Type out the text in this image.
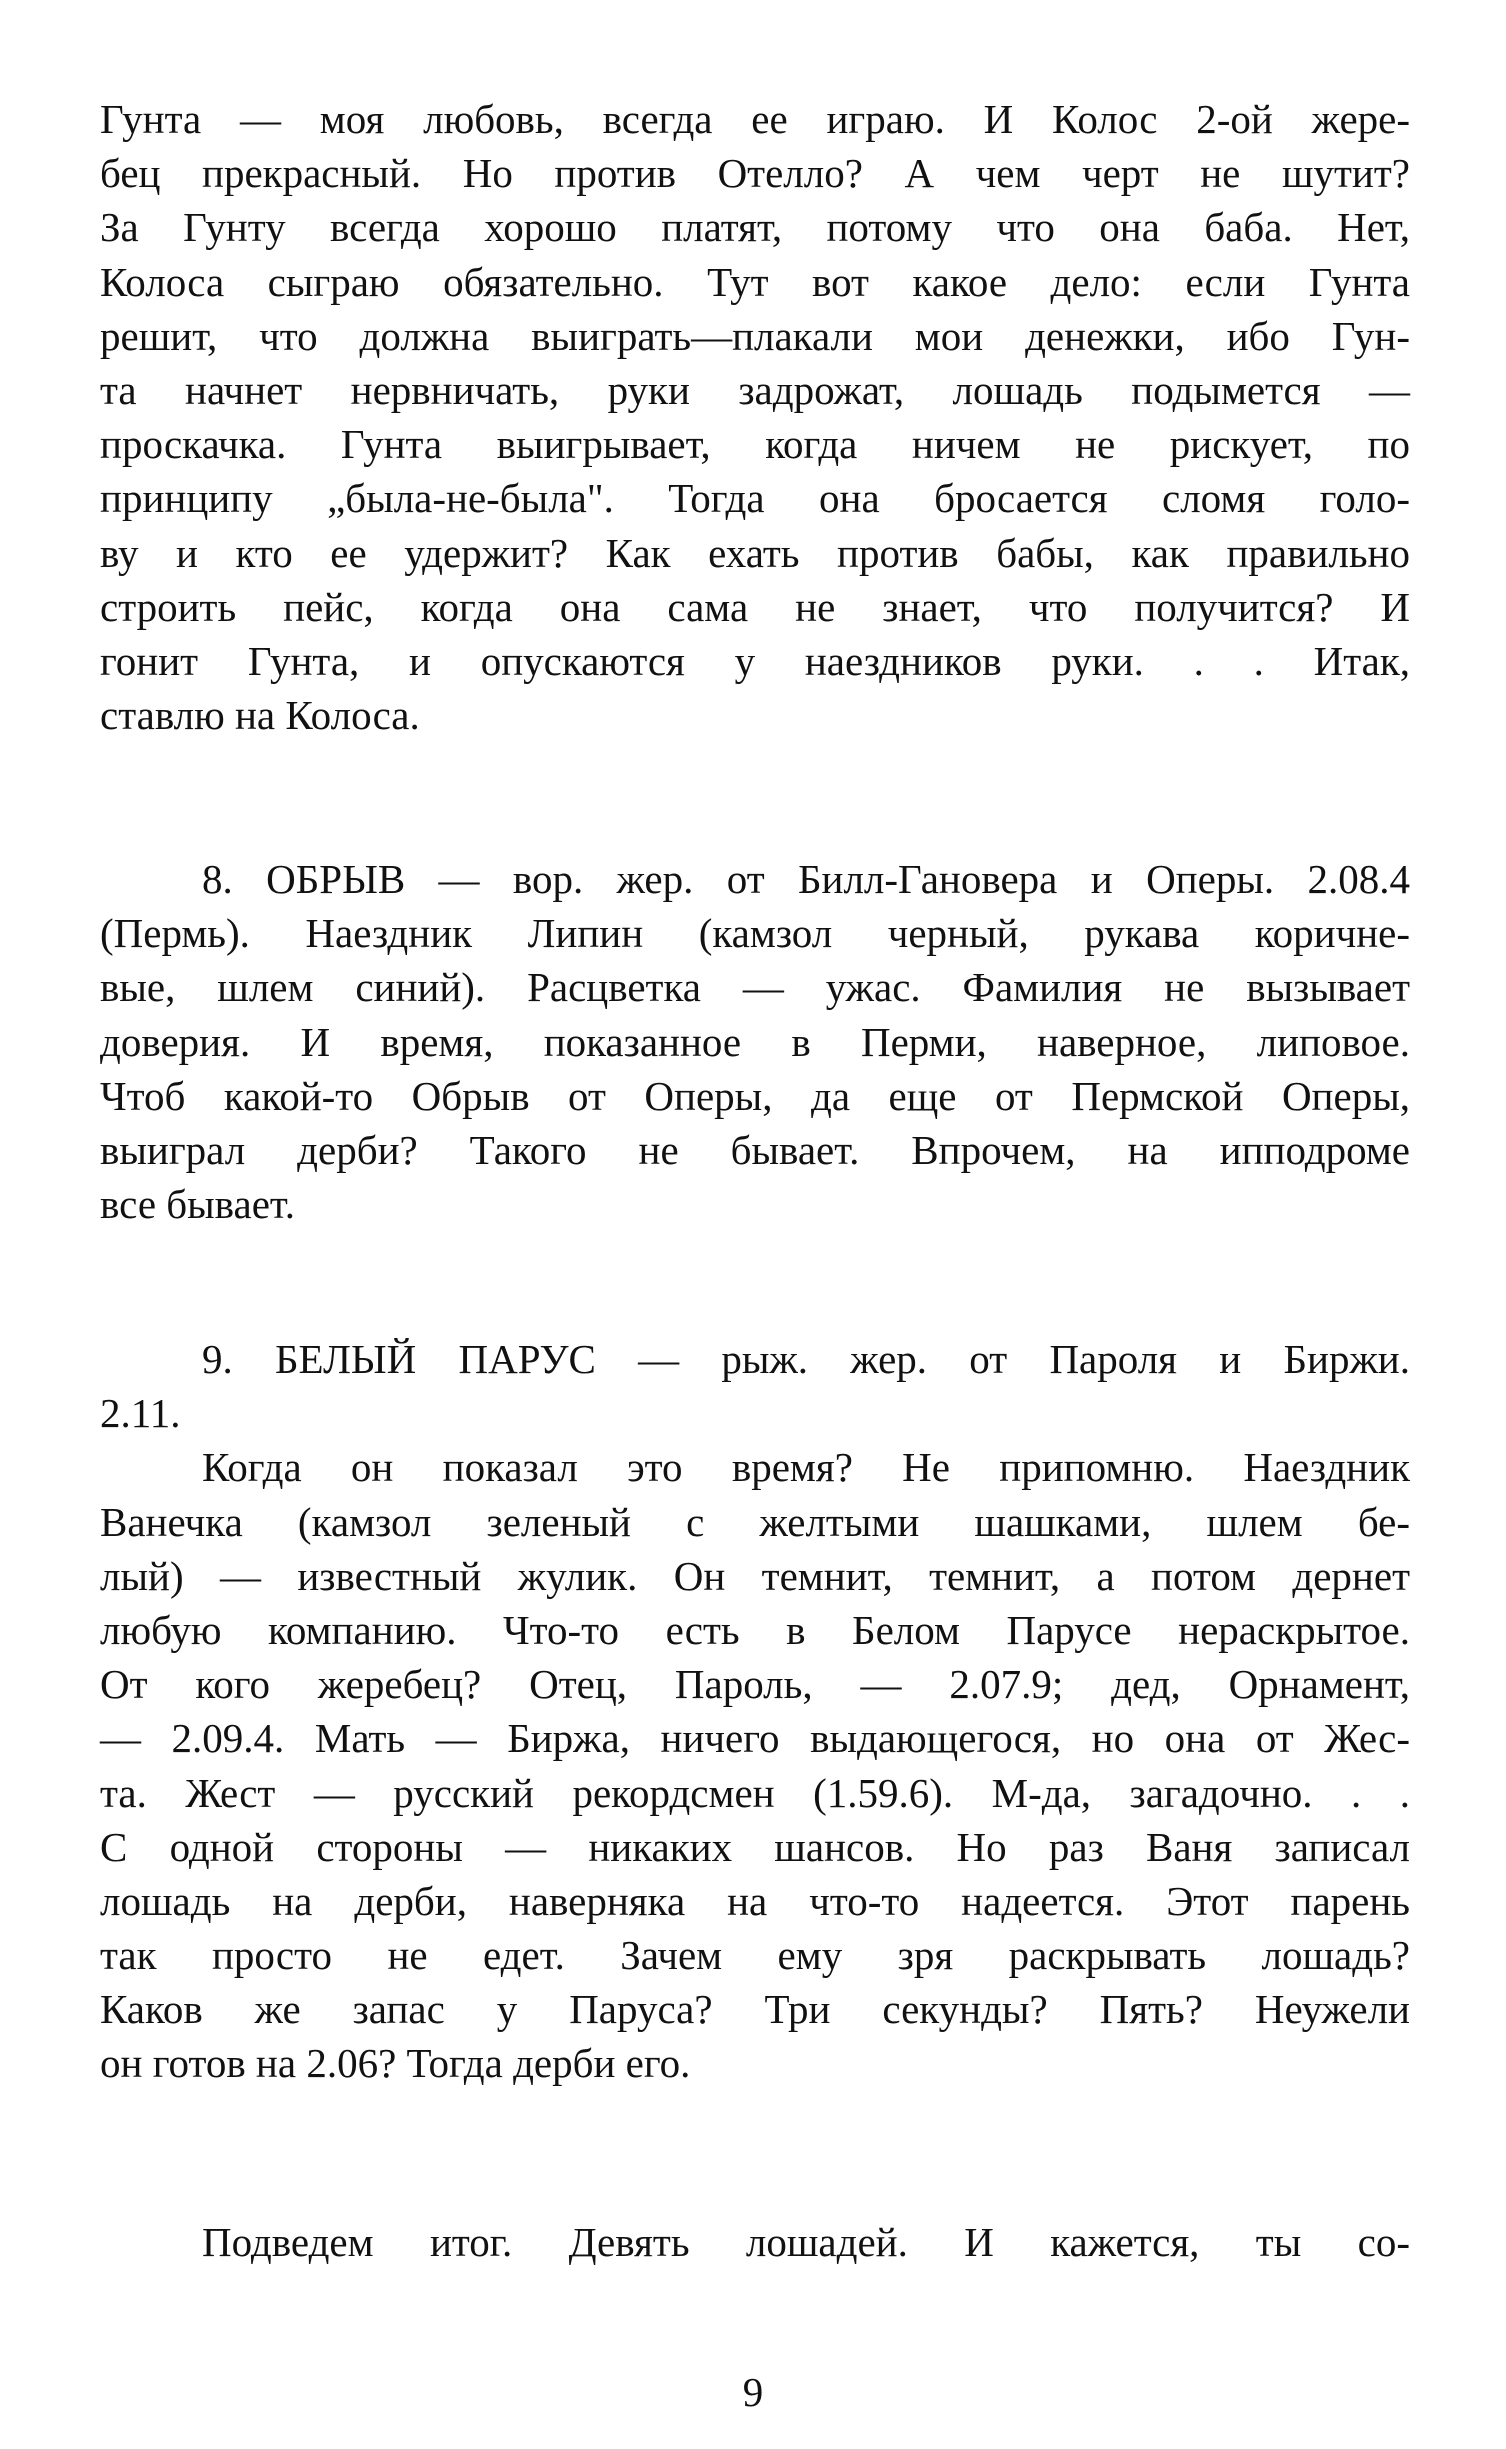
Гунта — моя любовь, всегда ее играю. И Колос 2-ой жере-
бец прекрасный. Но против Отелло? А чем черт не шутит?
За Гунту всегда хорошо платят, потому что она баба. Нет,
Колоса сыграю обязательно. Тут вот какое дело: если Гунта
решит, что должна выиграть—плакали мои денежки, ибо Гун-
та начнет нервничать, руки задрожат, лошадь подымется —
проскачка. Гунта выигрывает, когда ничем не рискует, по
принципу „была-не-была". Тогда она бросается сломя голо-
ву и кто ее удержит? Как ехать против бабы, как правильно
строить пейс, когда она сама не знает, что получится? И
гонит Гунта, и опускаются у наездников руки. . . Итак,
ставлю на Колоса.
8. ОБРЫВ — вор. жер. от Билл-Гановера и Оперы. 2.08.4
(Пермь). Наездник Липин (камзол черный, рукава коричне-
вые, шлем синий). Расцветка — ужас. Фамилия не вызывает
доверия. И время, показанное в Перми, наверное, липовое.
Чтоб какой-то Обрыв от Оперы, да еще от Пермской Оперы,
выиграл дерби? Такого не бывает. Впрочем, на ипподроме
все бывает.
9. БЕЛЫЙ ПАРУС — рыж. жер. от Пароля и Биржи.
2.11.
Когда он показал это время? Не припомню. Наездник
Ванечка (камзол зеленый с желтыми шашками, шлем бе-
лый) — известный жулик. Он темнит, темнит, а потом дернет
любую компанию. Что-то есть в Белом Парусе нераскрытое.
От кого жеребец? Отец, Пароль, — 2.07.9; дед, Орнамент,
— 2.09.4. Мать — Биржа, ничего выдающегося, но она от Жес-
та. Жест — русский рекордсмен (1.59.6). М-да, загадочно. . .
С одной стороны — никаких шансов. Но раз Ваня записал
лошадь на дерби, наверняка на что-то надеется. Этот парень
так просто не едет. Зачем ему зря раскрывать лошадь?
Каков же запас у Паруса? Три секунды? Пять? Неужели
он готов на 2.06? Тогда дерби его.
Подведем итог. Девять лошадей. И кажется, ты со-
9
